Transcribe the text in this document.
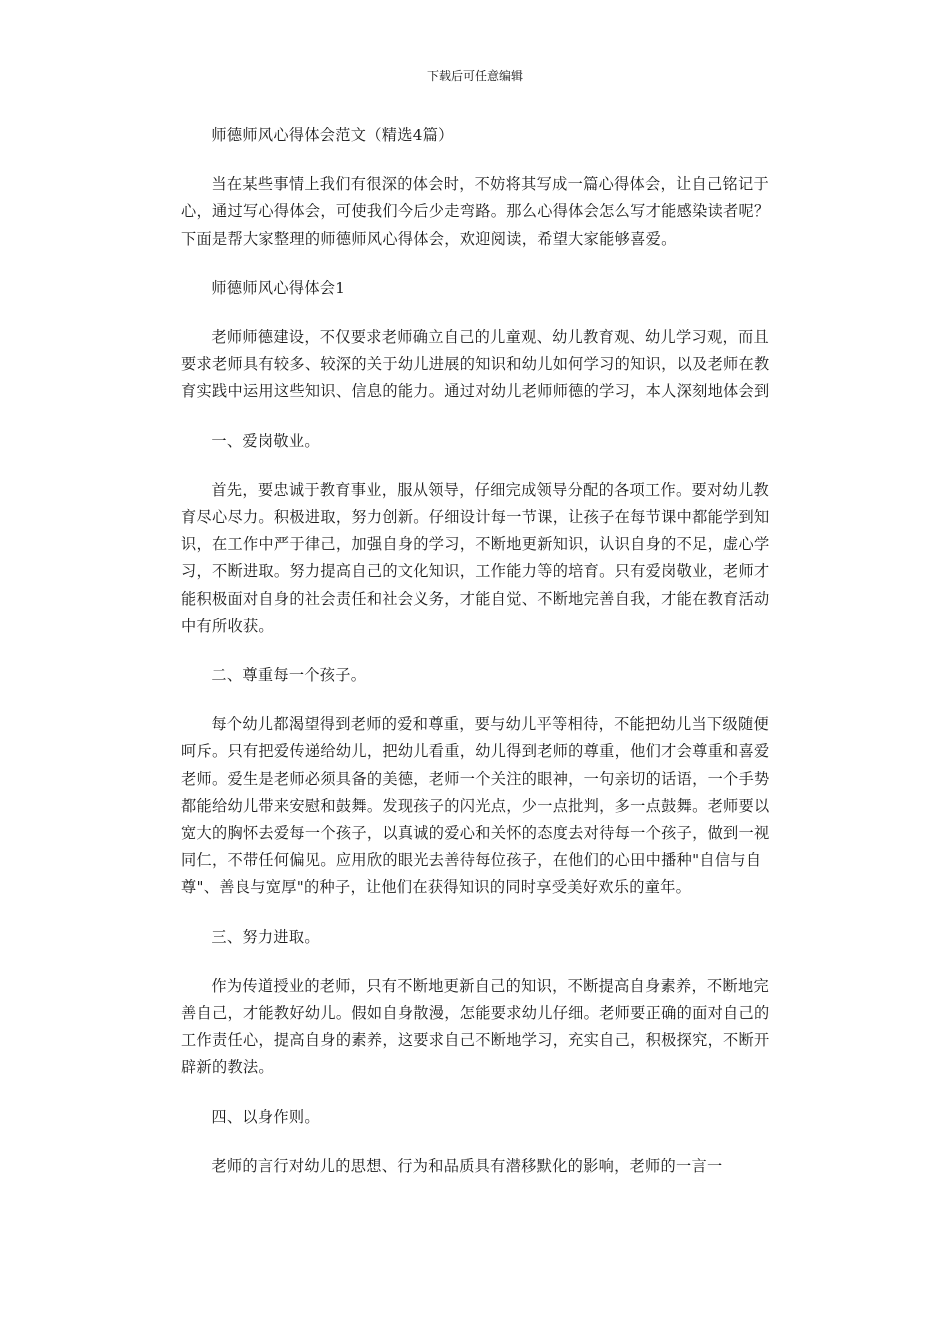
下载后可任意编辑

师德师风心得体会范文（精选4篇）

当在某些事情上我们有很深的体会时，不妨将其写成一篇心得体会，让自己铭记于心，通过写心得体会，可使我们今后少走弯路。那么心得体会怎么写才能感染读者呢？下面是帮大家整理的师德师风心得体会，欢迎阅读，希望大家能够喜爱。

师德师风心得体会1

老师师德建设，不仅要求老师确立自己的儿童观、幼儿教育观、幼儿学习观，而且要求老师具有较多、较深的关于幼儿进展的知识和幼儿如何学习的知识，以及老师在教育实践中运用这些知识、信息的能力。通过对幼儿老师师德的学习，本人深刻地体会到

一、爱岗敬业。

首先，要忠诚于教育事业，服从领导，仔细完成领导分配的各项工作。要对幼儿教育尽心尽力。积极进取，努力创新。仔细设计每一节课，让孩子在每节课中都能学到知识，在工作中严于律己，加强自身的学习，不断地更新知识，认识自身的不足，虚心学习，不断进取。努力提高自己的文化知识，工作能力等的培育。只有爱岗敬业，老师才能积极面对自身的社会责任和社会义务，才能自觉、不断地完善自我，才能在教育活动中有所收获。

二、尊重每一个孩子。

每个幼儿都渴望得到老师的爱和尊重，要与幼儿平等相待，不能把幼儿当下级随便呵斥。只有把爱传递给幼儿，把幼儿看重，幼儿得到老师的尊重，他们才会尊重和喜爱老师。爱生是老师必须具备的美德，老师一个关注的眼神，一句亲切的话语，一个手势都能给幼儿带来安慰和鼓舞。发现孩子的闪光点，少一点批判，多一点鼓舞。老师要以宽大的胸怀去爱每一个孩子，以真诚的爱心和关怀的态度去对待每一个孩子，做到一视同仁，不带任何偏见。应用欣的眼光去善待每位孩子，在他们的心田中播种"自信与自尊"、善良与宽厚"的种子，让他们在获得知识的同时享受美好欢乐的童年。

三、努力进取。

作为传道授业的老师，只有不断地更新自己的知识，不断提高自身素养，不断地完善自己，才能教好幼儿。假如自身散漫，怎能要求幼儿仔细。老师要正确的面对自己的工作责任心，提高自身的素养，这要求自己不断地学习，充实自己，积极探究，不断开辟新的教法。

四、以身作则。

老师的言行对幼儿的思想、行为和品质具有潜移默化的影响，老师的一言一
